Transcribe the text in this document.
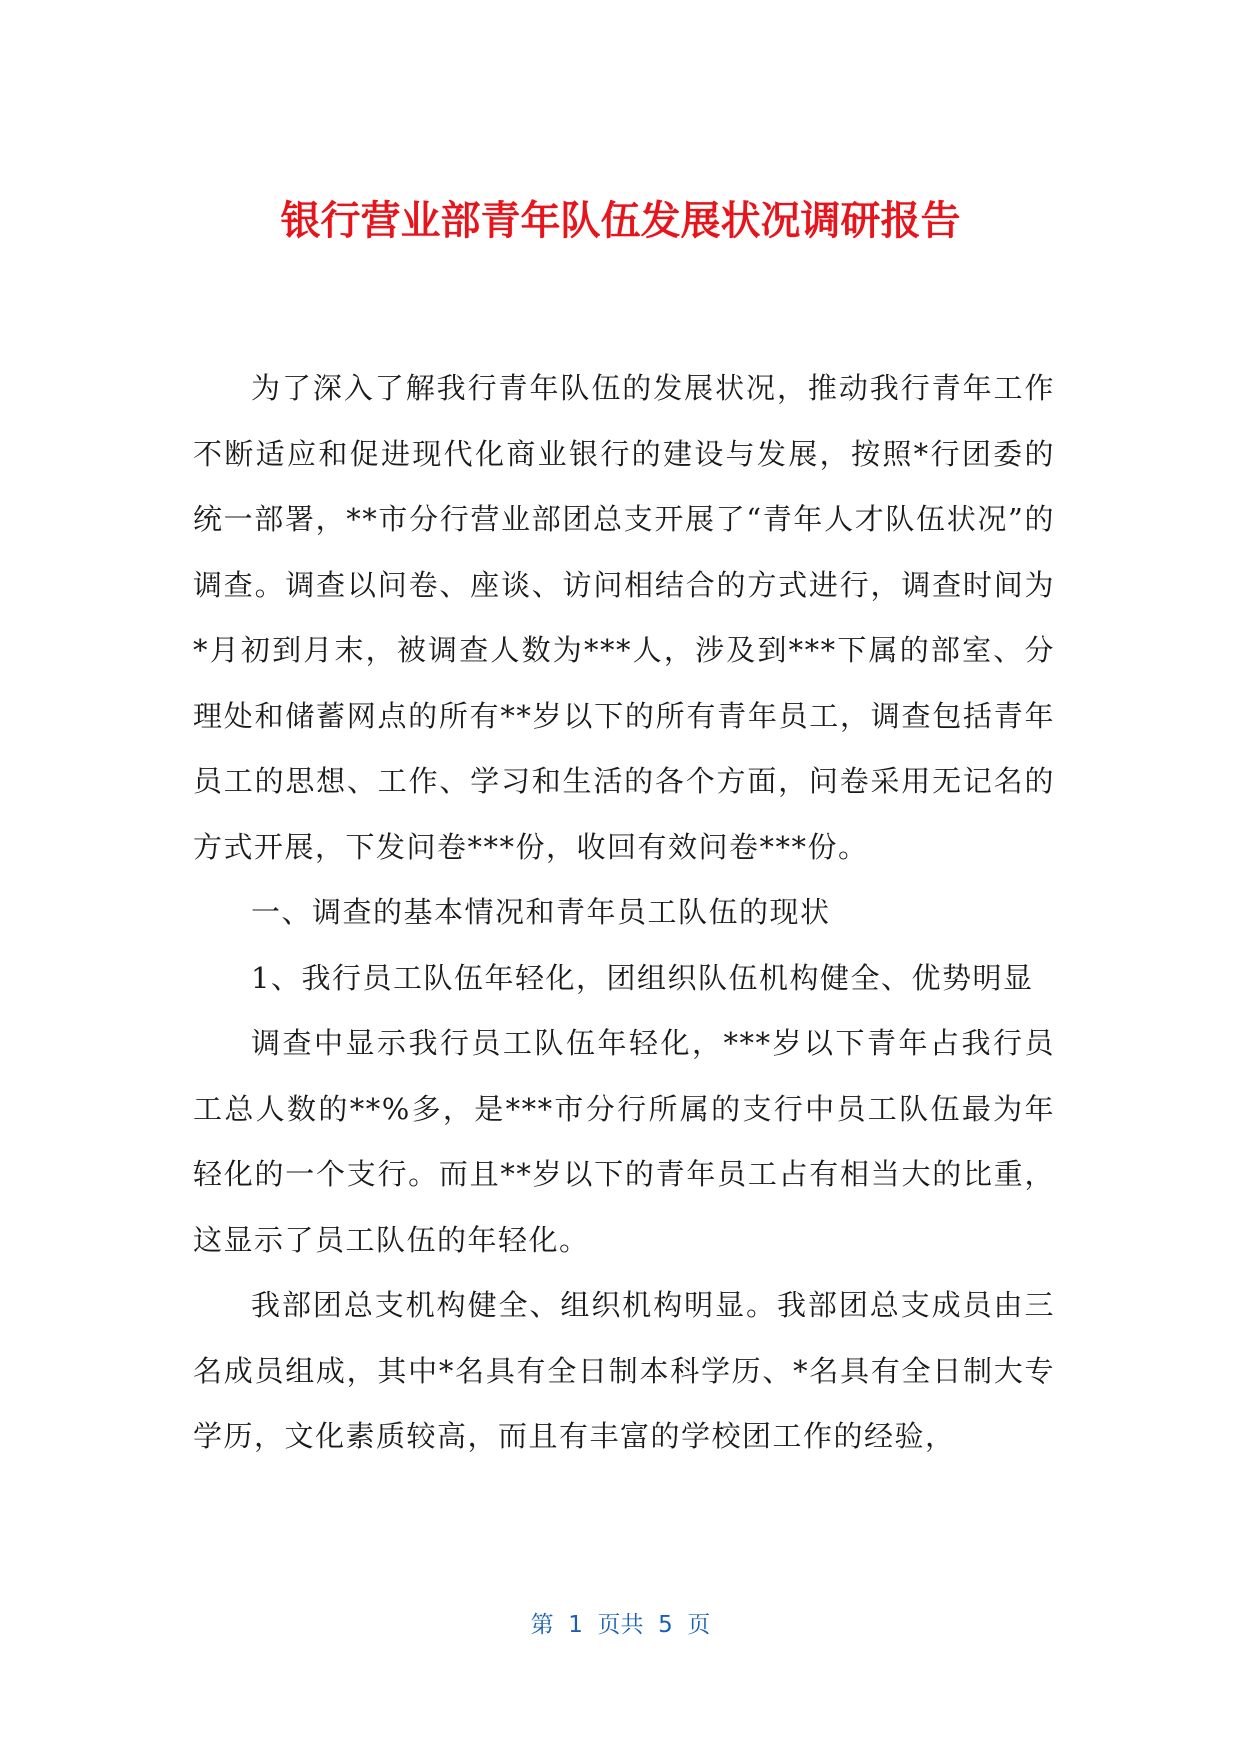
银行营业部青年队伍发展状况调研报告

为了深入了解我行青年队伍的发展状况，推动我行青年工作不断适应和促进现代化商业银行的建设与发展，按照*行团委的统一部署，**市分行营业部团总支开展了“青年人才队伍状况”的调查。调查以问卷、座谈、访问相结合的方式进行，调查时间为*月初到月末，被调查人数为***人，涉及到***下属的部室、分理处和储蓄网点的所有**岁以下的所有青年员工，调查包括青年员工的思想、工作、学习和生活的各个方面，问卷采用无记名的方式开展，下发问卷***份，收回有效问卷***份。

一、调查的基本情况和青年员工队伍的现状

1、我行员工队伍年轻化，团组织队伍机构健全、优势明显

调查中显示我行员工队伍年轻化，***岁以下青年占我行员工总人数的**%多，是***市分行所属的支行中员工队伍最为年轻化的一个支行。而且**岁以下的青年员工占有相当大的比重，这显示了员工队伍的年轻化。

我部团总支机构健全、组织机构明显。我部团总支成员由三名成员组成，其中*名具有全日制本科学历、*名具有全日制大专学历，文化素质较高，而且有丰富的学校团工作的经验，

第  1  页共  5  页
